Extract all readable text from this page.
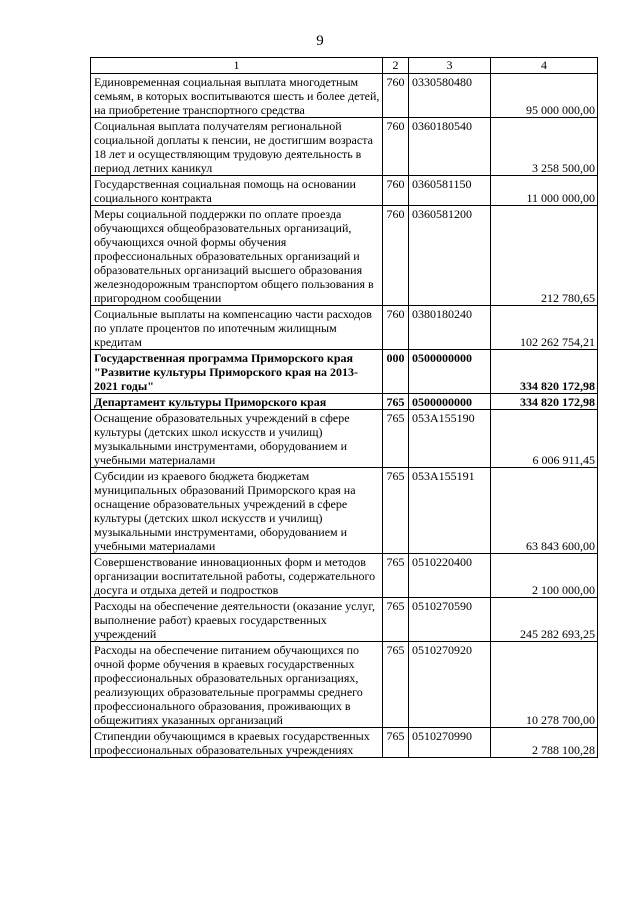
9
1	2	3	4
Единовременная социальная выплата многодетным семьям, в которых воспитываются шесть и более детей, на приобретение транспортного средства	760	0330580480	95 000 000,00
Социальная выплата получателям региональной социальной доплаты к пенсии, не достигшим возраста 18 лет и осуществляющим трудовую деятельность в период летних каникул	760	0360180540	3 258 500,00
Государственная социальная помощь на основании социального контракта	760	0360581150	11 000 000,00
Меры социальной поддержки по оплате проезда обучающихся общеобразовательных организаций, обучающихся очной формы обучения профессиональных образовательных организаций и образовательных организаций высшего образования железнодорожным транспортом общего пользования в пригородном сообщении	760	0360581200	212 780,65
Социальные выплаты на компенсацию части расходов по уплате процентов по ипотечным жилищным кредитам	760	0380180240	102 262 754,21
Государственная программа Приморского края "Развитие культуры Приморского края на 2013-2021 годы"	000	0500000000	334 820 172,98
Департамент культуры Приморского края	765	0500000000	334 820 172,98
Оснащение образовательных учреждений в сфере культуры (детских школ искусств и училищ) музыкальными инструментами, оборудованием и учебными материалами	765	053A155190	6 006 911,45
Субсидии из краевого бюджета бюджетам муниципальных образований Приморского края на оснащение образовательных учреждений в сфере культуры (детских школ искусств и училищ) музыкальными инструментами, оборудованием и учебными материалами	765	053A155191	63 843 600,00
Совершенствование инновационных форм и методов организации воспитательной работы, содержательного досуга и отдыха детей и подростков	765	0510220400	2 100 000,00
Расходы на обеспечение деятельности (оказание услуг, выполнение работ) краевых государственных учреждений	765	0510270590	245 282 693,25
Расходы на обеспечение питанием обучающихся по очной форме обучения в краевых государственных профессиональных образовательных организациях, реализующих образовательные программы среднего профессионального образования, проживающих в общежитиях указанных организаций	765	0510270920	10 278 700,00
Стипендии обучающимся в краевых государственных профессиональных образовательных учреждениях	765	0510270990	2 788 100,28
